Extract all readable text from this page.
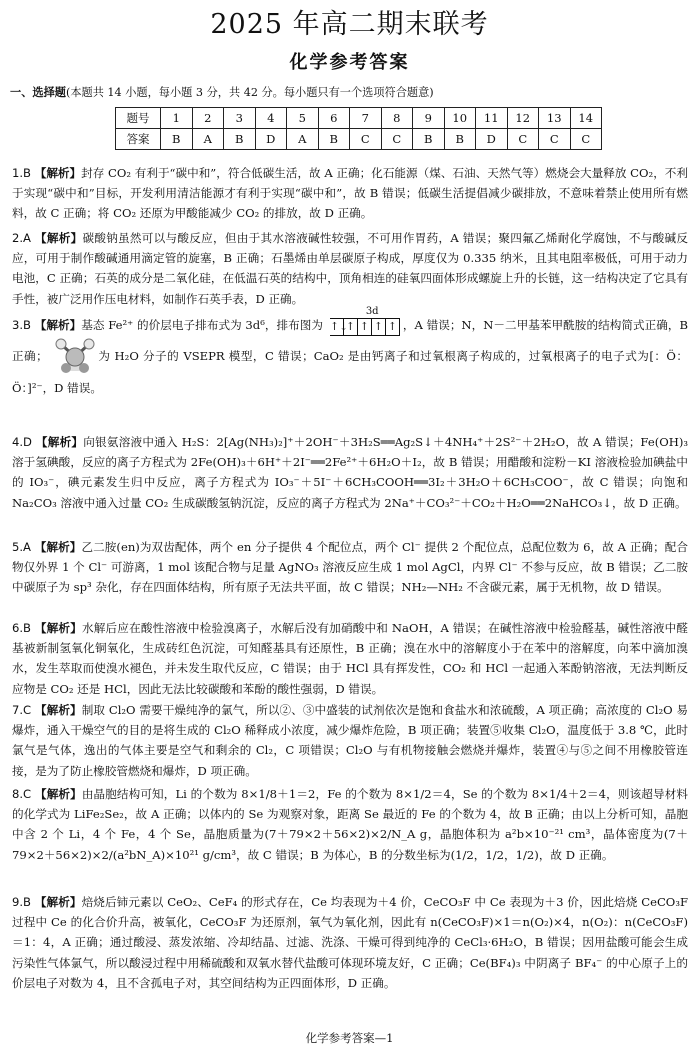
2025 年高二期末联考
化学参考答案
一、选择题(本题共 14 小题，每小题 3 分，共 42 分。每小题只有一个选项符合题意)
题号	1	2	3	4	5	6	7	8	9	10	11	12	13	14
答案	B	A	B	D	A	B	C	C	B	B	D	C	C	C
1.B 【解析】封存 CO₂ 有利于“碳中和”，符合低碳生活，故 A 正确；化石能源（煤、石油、天然气等）燃烧会大量释放 CO₂，不利于实现“碳中和”目标，开发利用清洁能源才有利于实现“碳中和”，故 B 错误；低碳生活提倡减少碳排放，不意味着禁止使用所有燃料，故 C 正确；将 CO₂ 还原为甲酸能减少 CO₂ 的排放，故 D 正确。
2.A 【解析】碳酸钠虽然可以与酸反应，但由于其水溶液碱性较强，不可用作胃药，A 错误；聚四氟乙烯耐化学腐蚀，不与酸碱反应，可用于制作酸碱通用滴定管的旋塞，B 正确；石墨烯由单层碳原子构成，厚度仅为 0.335 纳米，且其电阻率极低，可用于动力电池，C 正确；石英的成分是二氧化硅，在低温石英的结构中，顶角相连的硅氧四面体形成螺旋上升的长链，这一结构决定了它具有手性，被广泛用作压电材料，如制作石英手表，D 正确。
3.B 【解析】基态 Fe²⁺ 的价层电子排布式为 3d⁶，排布图为
3d
↑↓↑ ↑ ↑ ↑ ，A 错误；N，N－二甲基苯甲酰胺的结构简式正确，B 正确；	为 H₂O 分子的 VSEPR 模型，C 错误；CaO₂ 是由钙离子和过氧根离子构成的，过氧根离子的电子式为[：Ö：Ö：]²⁻，D 错误。
4.D 【解析】向银氨溶液中通入 H₂S：2[Ag(NH₃)₂]⁺＋2OH⁻＋3H₂S══Ag₂S↓＋4NH₄⁺＋2S²⁻＋2H₂O，故 A 错误；Fe(OH)₃ 溶于氢碘酸，反应的离子方程式为 2Fe(OH)₃＋6H⁺＋2I⁻══2Fe²⁺＋6H₂O＋I₂，故 B 错误；用醋酸和淀粉－KI 溶液检验加碘盐中的 IO₃⁻，碘元素发生归中反应，离子方程式为 IO₃⁻＋5I⁻＋6CH₃COOH══3I₂＋3H₂O＋6CH₃COO⁻，故 C 错误；向饱和 Na₂CO₃ 溶液中通入过量 CO₂ 生成碳酸氢钠沉淀，反应的离子方程式为 2Na⁺＋CO₃²⁻＋CO₂＋H₂O══2NaHCO₃↓，故 D 正确。
5.A 【解析】乙二胺(en)为双齿配体，两个 en 分子提供 4 个配位点，两个 Cl⁻ 提供 2 个配位点，总配位数为 6，故 A 正确；配合物仅外界 1 个 Cl⁻ 可游离，1 mol 该配合物与足量 AgNO₃ 溶液反应生成 1 mol AgCl，内界 Cl⁻ 不参与反应，故 B 错误；乙二胺中碳原子为 sp³ 杂化，存在四面体结构，所有原子无法共平面，故 C 错误；NH₂—NH₂ 不含碳元素，属于无机物，故 D 错误。
6.B 【解析】水解后应在酸性溶液中检验溴离子，水解后没有加硝酸中和 NaOH，A 错误；在碱性溶液中检验醛基，碱性溶液中醛基被新制氢氧化铜氧化，生成砖红色沉淀，可知醛基具有还原性，B 正确；溴在水中的溶解度小于在苯中的溶解度，向苯中滴加溴水，发生萃取而使溴水褪色，并未发生取代反应，C 错误；由于 HCl 具有挥发性，CO₂ 和 HCl 一起通入苯酚钠溶液，无法判断反应物是 CO₂ 还是 HCl，因此无法比较碳酸和苯酚的酸性强弱，D 错误。
7.C 【解析】制取 Cl₂O 需要干燥纯净的氯气，所以②、③中盛装的试剂依次是饱和食盐水和浓硫酸，A 项正确；高浓度的 Cl₂O 易爆炸，通入干燥空气的目的是将生成的 Cl₂O 稀释成小浓度，减少爆炸危险，B 项正确；装置⑤收集 Cl₂O，温度低于 3.8 ℃，此时氯气是气体，逸出的气体主要是空气和剩余的 Cl₂，C 项错误；Cl₂O 与有机物接触会燃烧并爆炸，装置④与⑤之间不用橡胶管连接，是为了防止橡胶管燃烧和爆炸，D 项正确。
8.C 【解析】由晶胞结构可知，Li 的个数为 8×1/8＋1＝2，Fe 的个数为 8×1/2＝4，Se 的个数为 8×1/4＋2＝4，则该超导材料的化学式为 LiFe₂Se₂，故 A 正确；以体内的 Se 为观察对象，距离 Se 最近的 Fe 的个数为 4，故 B 正确；由以上分析可知，晶胞中含 2 个 Li，4 个 Fe，4 个 Se，晶胞质量为(7＋79×2＋56×2)×2/N_A g，晶胞体积为 a²b×10⁻²¹ cm³，晶体密度为(7＋79×2＋56×2)×2/(a²bN_A)×10²¹ g/cm³，故 C 错误；B 为体心，B 的分数坐标为(1/2，1/2，1/2)，故 D 正确。
9.B 【解析】焙烧后铈元素以 CeO₂、CeF₄ 的形式存在，Ce 均表现为＋4 价，CeCO₃F 中 Ce 表现为＋3 价，因此焙烧 CeCO₃F 过程中 Ce 的化合价升高，被氧化，CeCO₃F 为还原剂，氧气为氧化剂，因此有 n(CeCO₃F)×1＝n(O₂)×4，n(O₂)：n(CeCO₃F)＝1：4，A 正确；通过酸浸、蒸发浓缩、冷却结晶、过滤、洗涤、干燥可得到纯净的 CeCl₃·6H₂O，B 错误；因用盐酸可能会生成污染性气体氯气，所以酸浸过程中用稀硫酸和双氧水替代盐酸可体现环境友好，C 正确；Ce(BF₄)₃ 中阴离子 BF₄⁻ 的中心原子上的价层电子对数为 4，且不含孤电子对，其空间结构为正四面体形，D 正确。
化学参考答案—1
